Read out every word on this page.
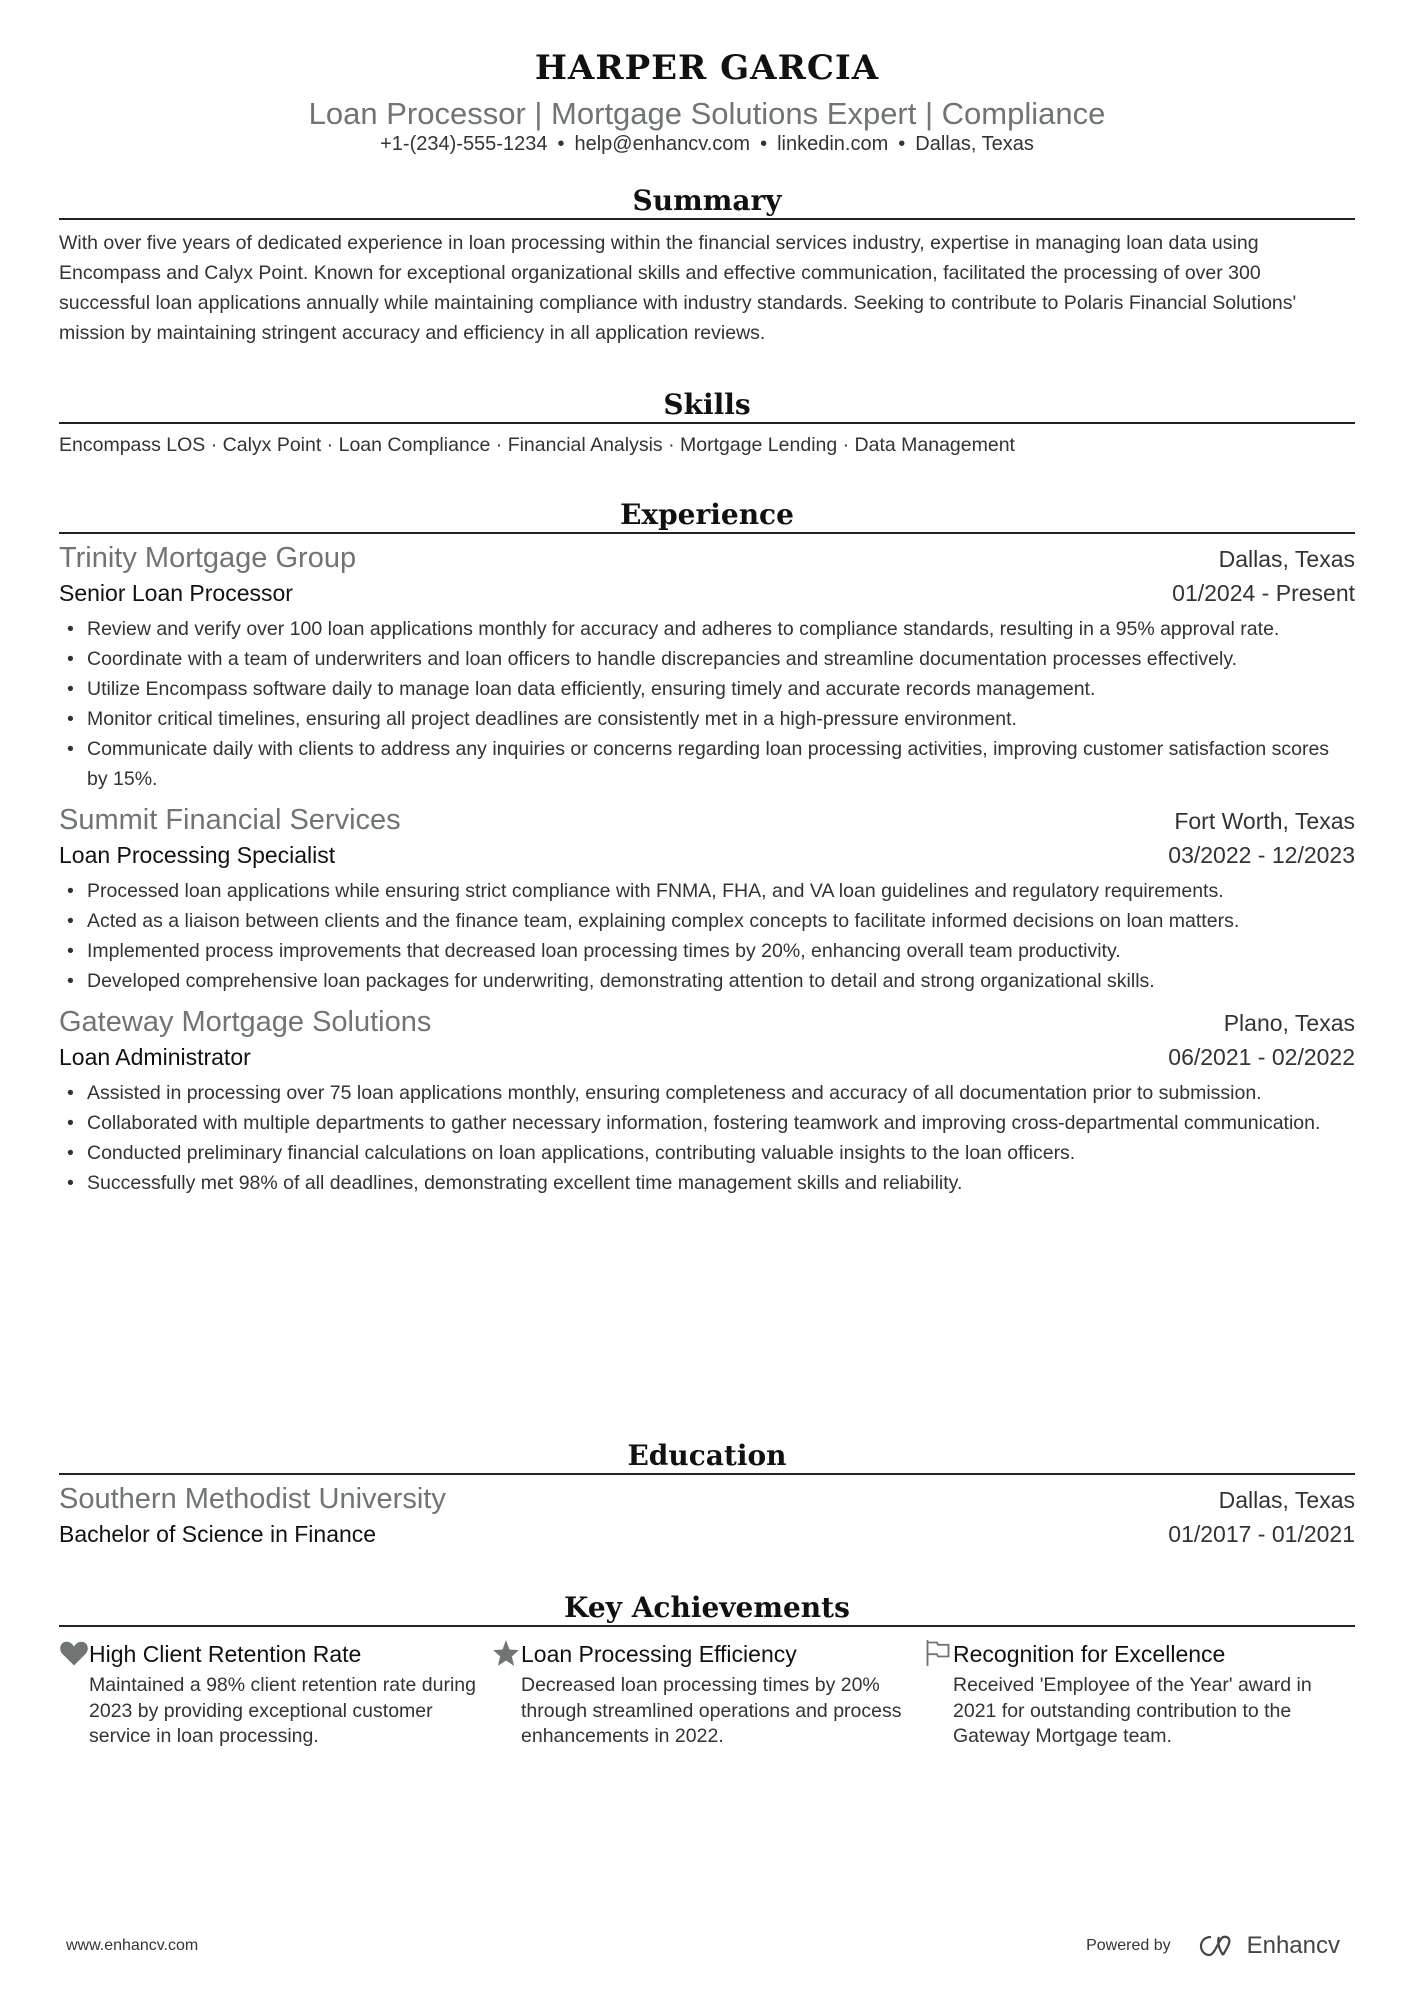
HARPER GARCIA
Loan Processor | Mortgage Solutions Expert | Compliance
+1-(234)-555-1234 • help@enhancv.com • linkedin.com • Dallas, Texas
Summary

With over five years of dedicated experience in loan processing within the financial services industry, expertise in managing loan data using Encompass and Calyx Point. Known for exceptional organizational skills and effective communication, facilitated the processing of over 300 successful loan applications annually while maintaining compliance with industry standards. Seeking to contribute to Polaris Financial Solutions' mission by maintaining stringent accuracy and efficiency in all application reviews.

Skills

Encompass LOS · Calyx Point · Loan Compliance · Financial Analysis · Mortgage Lending · Data Management

Experience
Trinity Mortgage Group	Dallas, Texas
Senior Loan Processor	01/2024 - Present
• Review and verify over 100 loan applications monthly for accuracy and adheres to compliance standards, resulting in a 95% approval rate.
• Coordinate with a team of underwriters and loan officers to handle discrepancies and streamline documentation processes effectively.
• Utilize Encompass software daily to manage loan data efficiently, ensuring timely and accurate records management.
• Monitor critical timelines, ensuring all project deadlines are consistently met in a high-pressure environment.
• Communicate daily with clients to address any inquiries or concerns regarding loan processing activities, improving customer satisfaction scores by 15%.
Summit Financial Services	Fort Worth, Texas
Loan Processing Specialist	03/2022 - 12/2023
• Processed loan applications while ensuring strict compliance with FNMA, FHA, and VA loan guidelines and regulatory requirements.
• Acted as a liaison between clients and the finance team, explaining complex concepts to facilitate informed decisions on loan matters.
• Implemented process improvements that decreased loan processing times by 20%, enhancing overall team productivity.
• Developed comprehensive loan packages for underwriting, demonstrating attention to detail and strong organizational skills.
Gateway Mortgage Solutions	Plano, Texas
Loan Administrator	06/2021 - 02/2022
• Assisted in processing over 75 loan applications monthly, ensuring completeness and accuracy of all documentation prior to submission.
• Collaborated with multiple departments to gather necessary information, fostering teamwork and improving cross-departmental communication.
• Conducted preliminary financial calculations on loan applications, contributing valuable insights to the loan officers.
• Successfully met 98% of all deadlines, demonstrating excellent time management skills and reliability.
Education
Southern Methodist University	Dallas, Texas
Bachelor of Science in Finance	01/2017 - 01/2021
Key Achievements
High Client Retention Rate
Maintained a 98% client retention rate during 2023 by providing exceptional customer service in loan processing.
Loan Processing Efficiency
Decreased loan processing times by 20% through streamlined operations and process enhancements in 2022.
Recognition for Excellence
Received 'Employee of the Year' award in 2021 for outstanding contribution to the Gateway Mortgage team.
www.enhancv.com	Powered by	Enhancv
